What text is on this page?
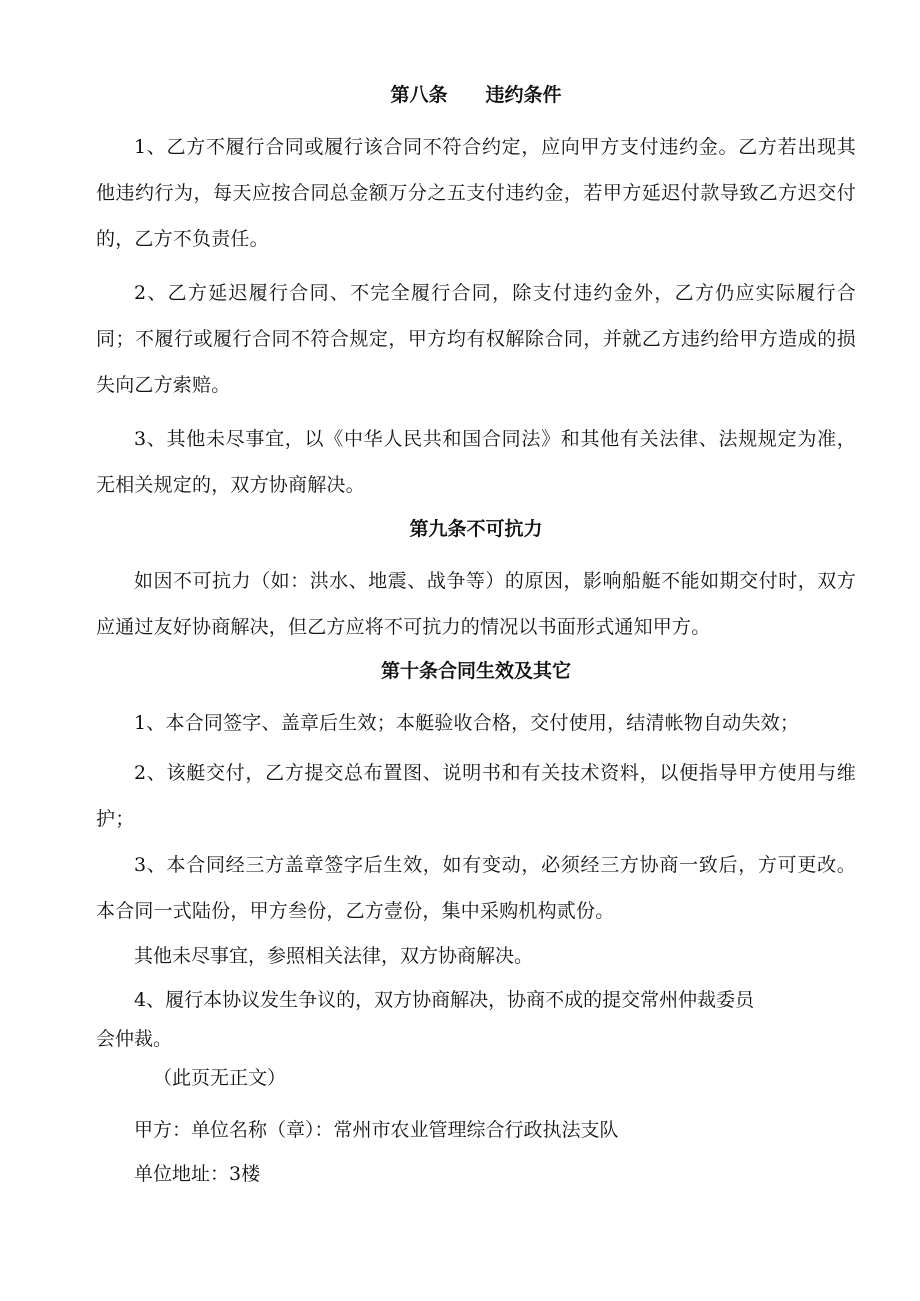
第八条　　违约条件

1、乙方不履行合同或履行该合同不符合约定，应向甲方支付违约金。乙方若出现其他违约行为，每天应按合同总金额万分之五支付违约金，若甲方延迟付款导致乙方迟交付的，乙方不负责任。

2、乙方延迟履行合同、不完全履行合同，除支付违约金外，乙方仍应实际履行合同；不履行或履行合同不符合规定，甲方均有权解除合同，并就乙方违约给甲方造成的损失向乙方索赔。

3、其他未尽事宜，以《中华人民共和国合同法》和其他有关法律、法规规定为准，无相关规定的，双方协商解决。

第九条不可抗力

如因不可抗力（如：洪水、地震、战争等）的原因，影响船艇不能如期交付时，双方应通过友好协商解决，但乙方应将不可抗力的情况以书面形式通知甲方。

第十条合同生效及其它

1、本合同签字、盖章后生效；本艇验收合格，交付使用，结清帐物自动失效；

2、该艇交付，乙方提交总布置图、说明书和有关技术资料，以便指导甲方使用与维护；

3、本合同经三方盖章签字后生效，如有变动，必须经三方协商一致后，方可更改。本合同一式陆份，甲方叁份，乙方壹份，集中采购机构贰份。

其他未尽事宜，参照相关法律，双方协商解决。

4、履行本协议发生争议的，双方协商解决，协商不成的提交常州仲裁委员

会仲裁。

（此页无正文）

甲方：单位名称（章）：常州市农业管理综合行政执法支队

单位地址：3楼
